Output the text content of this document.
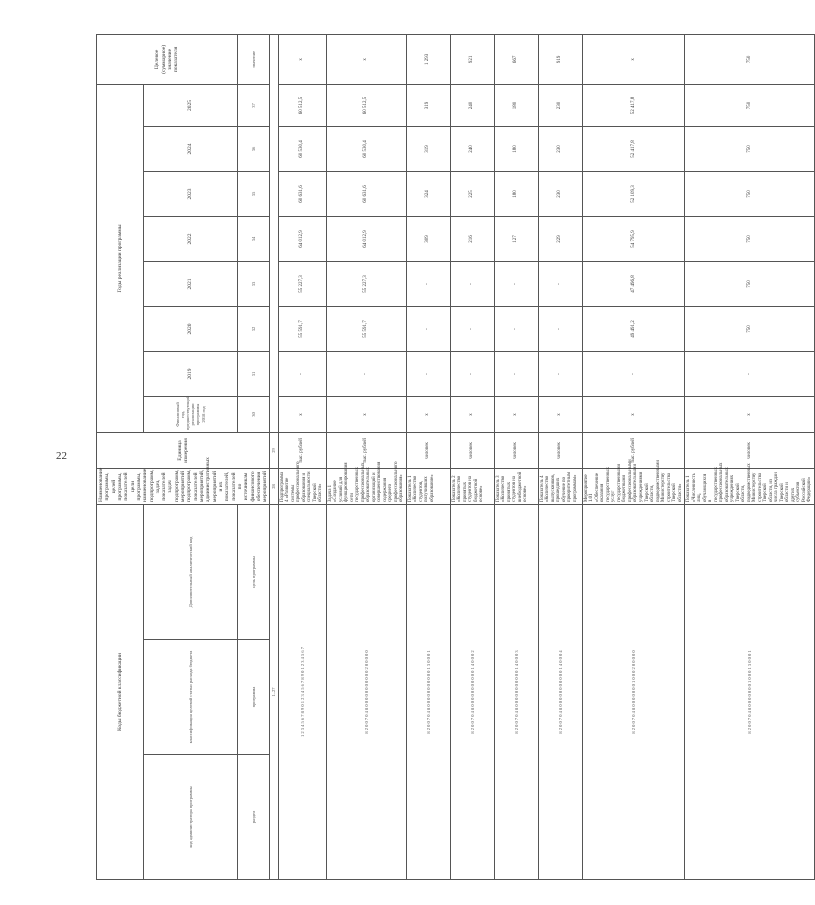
22
Коды бюджетной классификации			Наименование программы, целей программы, показателей цели программы, наименование подпрограмм, задач, показателей задач подпрограмм, мероприятий подпрограмм, показателей мероприятий, административных мероприятий и их показателей, показателей по источникам финансового обеспечения мероприятий	Единица измерения	Годы реализации программы								Целевое (суммарное) значение показателя
код администратора программы	классификация целевой статьи расхода бюджета	Дополнительный аналитический код			Финансовый год, предшествующий реализации программы 2018 год	2019	2020	2021	2022	2023	2024	2025	
раздел	программа	цель программы			30	31	32	33	34	35	36	37	значение
1–27			28	29									
1 2 3 4 5 6 7 8 9 0 1 2 3 4 5 6 7 8 9 0 1 2 3 4 5 6 7			Подпрограмма 4 «Развитие системы профессионального образования и специальности Тверской области»	тыс. рублей	x	-	55 591,7	55 227,3	64 012,9	60 631,6	60 530,4	60 512,5	x
8 2 0 0 7 0 4 8 0 0 0 0 0 0 0 0 0 0 0 2 0 0 0 0 0			Задача 1 «Создание условий для функционирования сети государственных профессиональных образовательных организаций и совершенствования содержания среднего профессионального образования»	тыс. рублей	x	-	55 591,7	55 227,3	64 012,9	60 631,6	60 530,4	60 512,5	x
8 2 0 0 7 0 4 8 0 0 0 0 0 0 0 0 0 0 0 1 3 0 0 0 1			Показатель 1 «Количество студентов, получивших образование»	человек	x	-	-	-	309	324	319	319	1 293
8 2 0 0 7 0 4 8 0 0 0 0 0 0 0 0 0 0 0 1 4 0 0 0 2			Показатель 2 «Количество принятых студентов на бюджетной основе»	человек	x	-	-	-	216	225	240	240	921
8 2 0 0 7 0 4 8 0 0 0 0 0 0 0 0 0 0 0 1 4 0 0 0 3			Показатель 3 «Количество принятых студентов на внебюджетной основе»	человек	x	-	-	-	127	180	180	180	667
8 2 0 0 7 0 4 8 0 0 0 0 0 0 0 0 0 0 0 1 4 0 0 0 4			Показатель 4 «Количество выпускников, прошедших обучение по приоритетным программам»	человек	x	-	-	-	229	230	230	230	919
8 2 0 0 7 0 4 8 0 0 0 0 0 0 0 1 0 0 0 2 0 0 0 0 0			Мероприятие 1.01 «Обеспечение оказания государственных услуг государственными бюджетными профессиональными образовательными учреждениями Тверской области, подведомственными Министерству строительства Тверской области»	тыс. рублей	x	-	49 491,2	47 496,8	54 795,9	52 109,3	52 417,8	52 417,8	x
8 2 0 0 7 0 4 8 0 0 0 0 0 0 0 1 0 0 0 1 3 0 0 0 1			Показатель 1 «Численность лиц, обучающихся в государственных профессиональных образовательных учреждениях Тверской области, подведомственных Министерству строительства Тверской области, из числа граждан Тверской области и других субъектов Российской Федерации»	человек	x	-	750	750	750	750	750	750	750
